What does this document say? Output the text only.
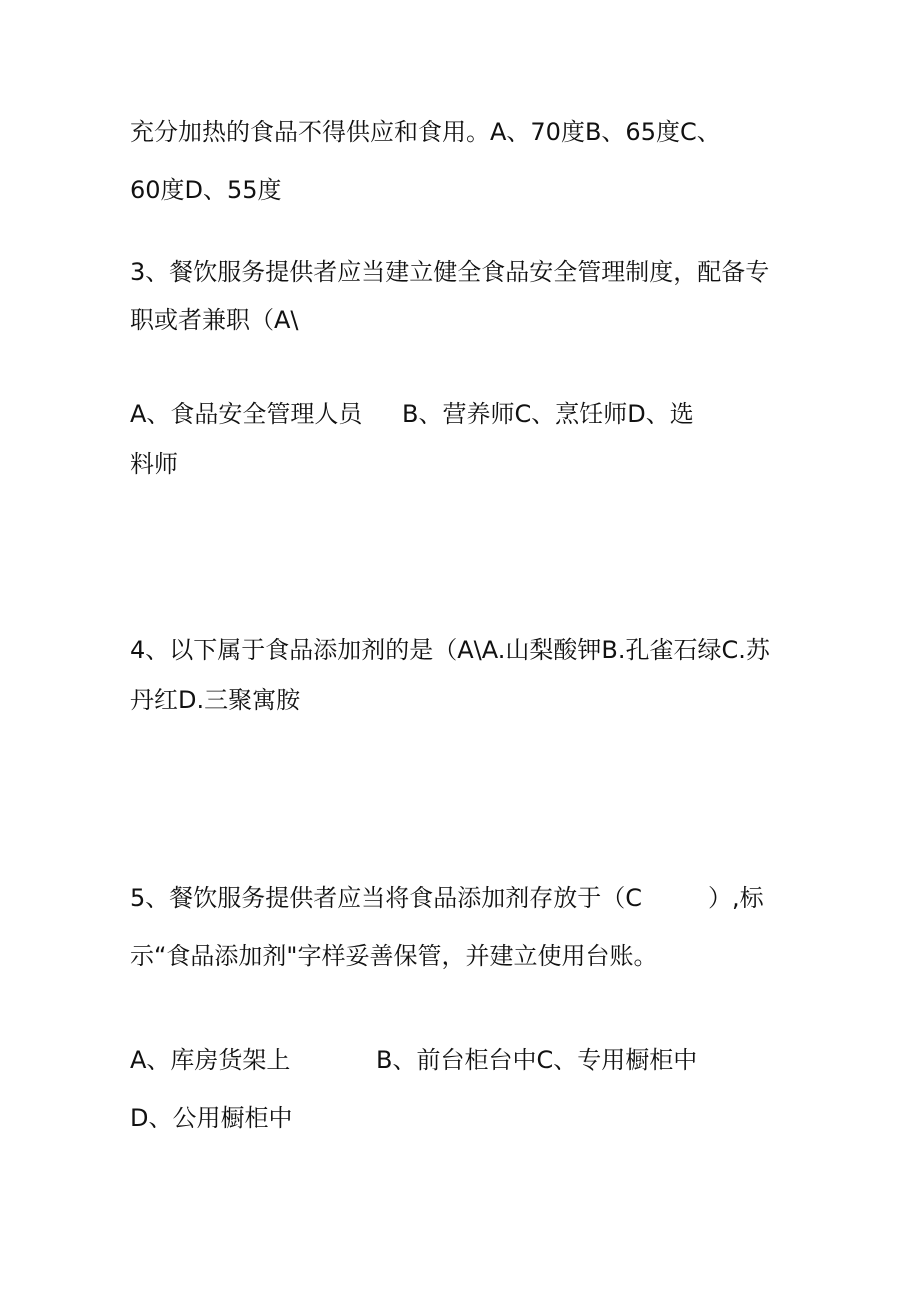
充分加热的食品不得供应和食用。A、70度B、65度C、
60度D、55度
3、餐饮服务提供者应当建立健全食品安全管理制度，配备专
职或者兼职（A\
A、食品安全管理人员 B、营养师C、烹饪师D、选
料师
4、以下属于食品添加剂的是（A\A.山梨酸钾B.孔雀石绿C.苏
丹红D.三聚寓胺
5、餐饮服务提供者应当将食品添加剂存放于（C	）,标
示“食品添加剂"字样妥善保管，并建立使用台账。
A、库房货架上	B、前台柜台中C、专用橱柜中
D、公用橱柜中
